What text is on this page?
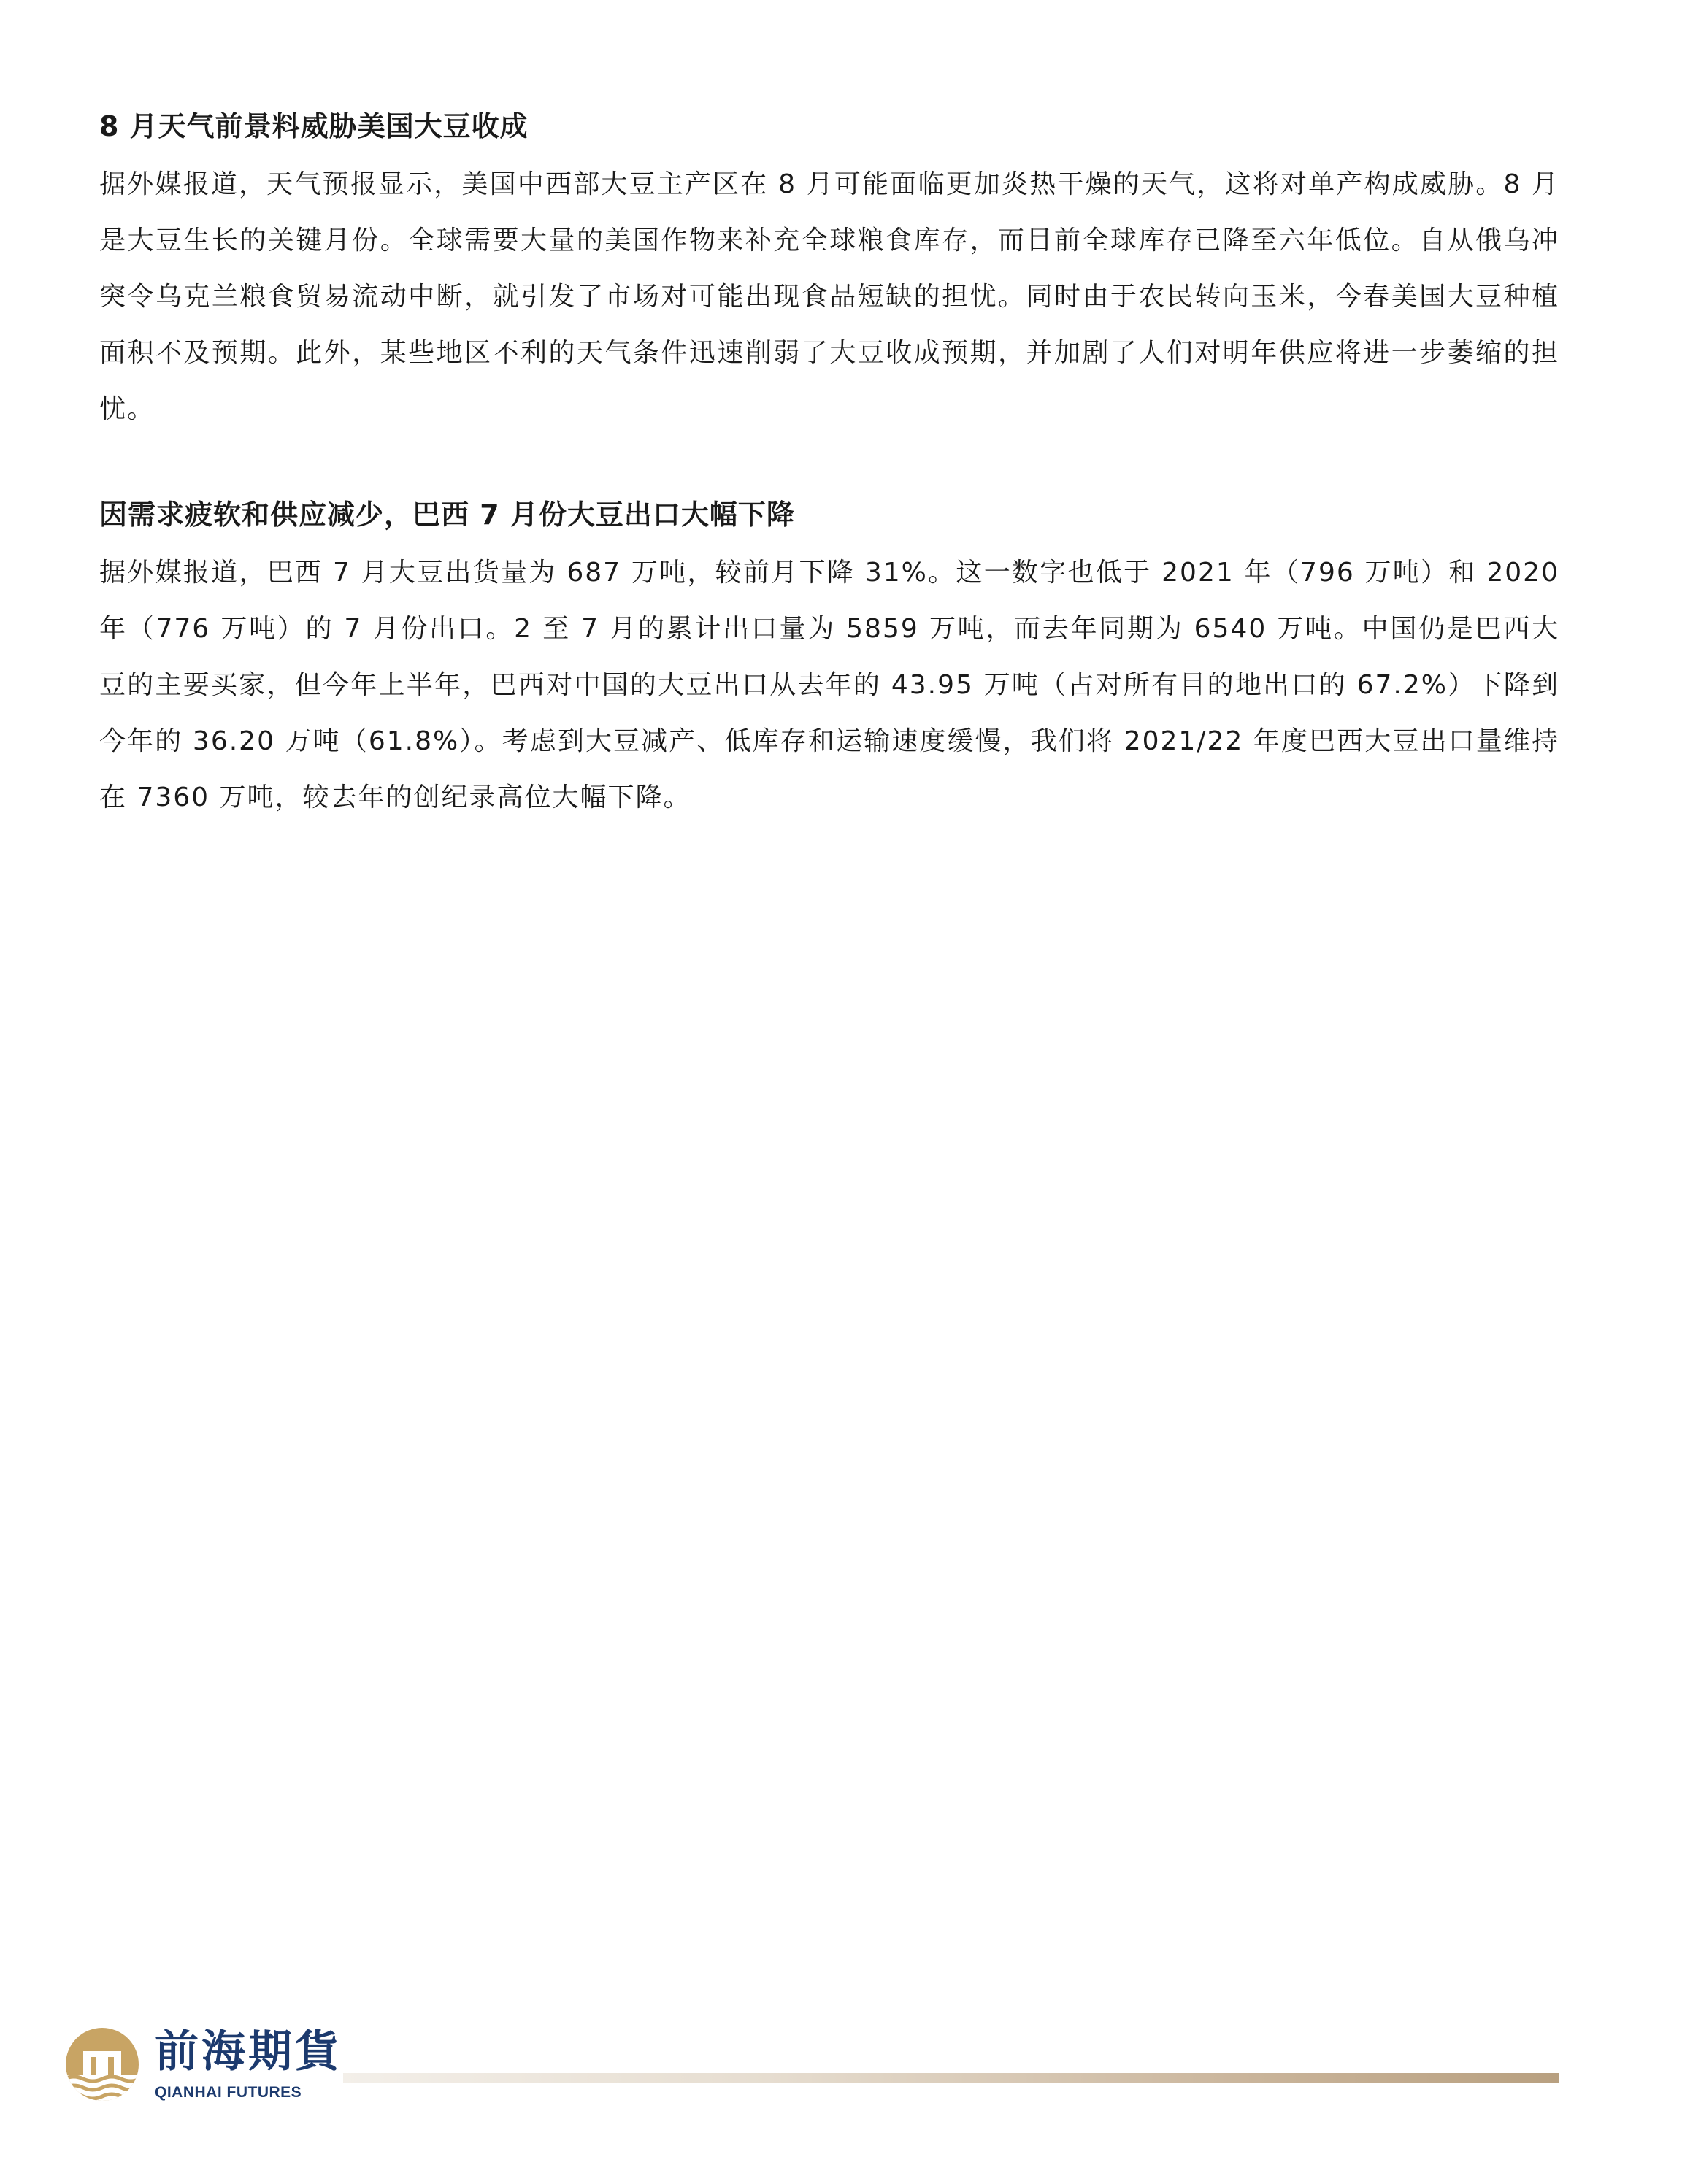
8 月天气前景料威胁美国大豆收成

据外媒报道，天气预报显示，美国中西部大豆主产区在 8 月可能面临更加炎热干燥的天气，这将对单产构成威胁。8 月是大豆生长的关键月份。全球需要大量的美国作物来补充全球粮食库存，而目前全球库存已降至六年低位。自从俄乌冲突令乌克兰粮食贸易流动中断，就引发了市场对可能出现食品短缺的担忧。同时由于农民转向玉米，今春美国大豆种植面积不及预期。此外，某些地区不利的天气条件迅速削弱了大豆收成预期，并加剧了人们对明年供应将进一步萎缩的担忧。

因需求疲软和供应减少，巴西 7 月份大豆出口大幅下降

据外媒报道，巴西 7 月大豆出货量为 687 万吨，较前月下降 31%。这一数字也低于 2021 年（796 万吨）和 2020 年（776 万吨）的 7 月份出口。2 至 7 月的累计出口量为 5859 万吨，而去年同期为 6540 万吨。中国仍是巴西大豆的主要买家，但今年上半年，巴西对中国的大豆出口从去年的 43.95 万吨（占对所有目的地出口的 67.2%）下降到今年的 36.20 万吨（61.8%）。考虑到大豆减产、低库存和运输速度缓慢，我们将 2021/22 年度巴西大豆出口量维持在 7360 万吨，较去年的创纪录高位大幅下降。

前海期貨
QIANHAI FUTURES
